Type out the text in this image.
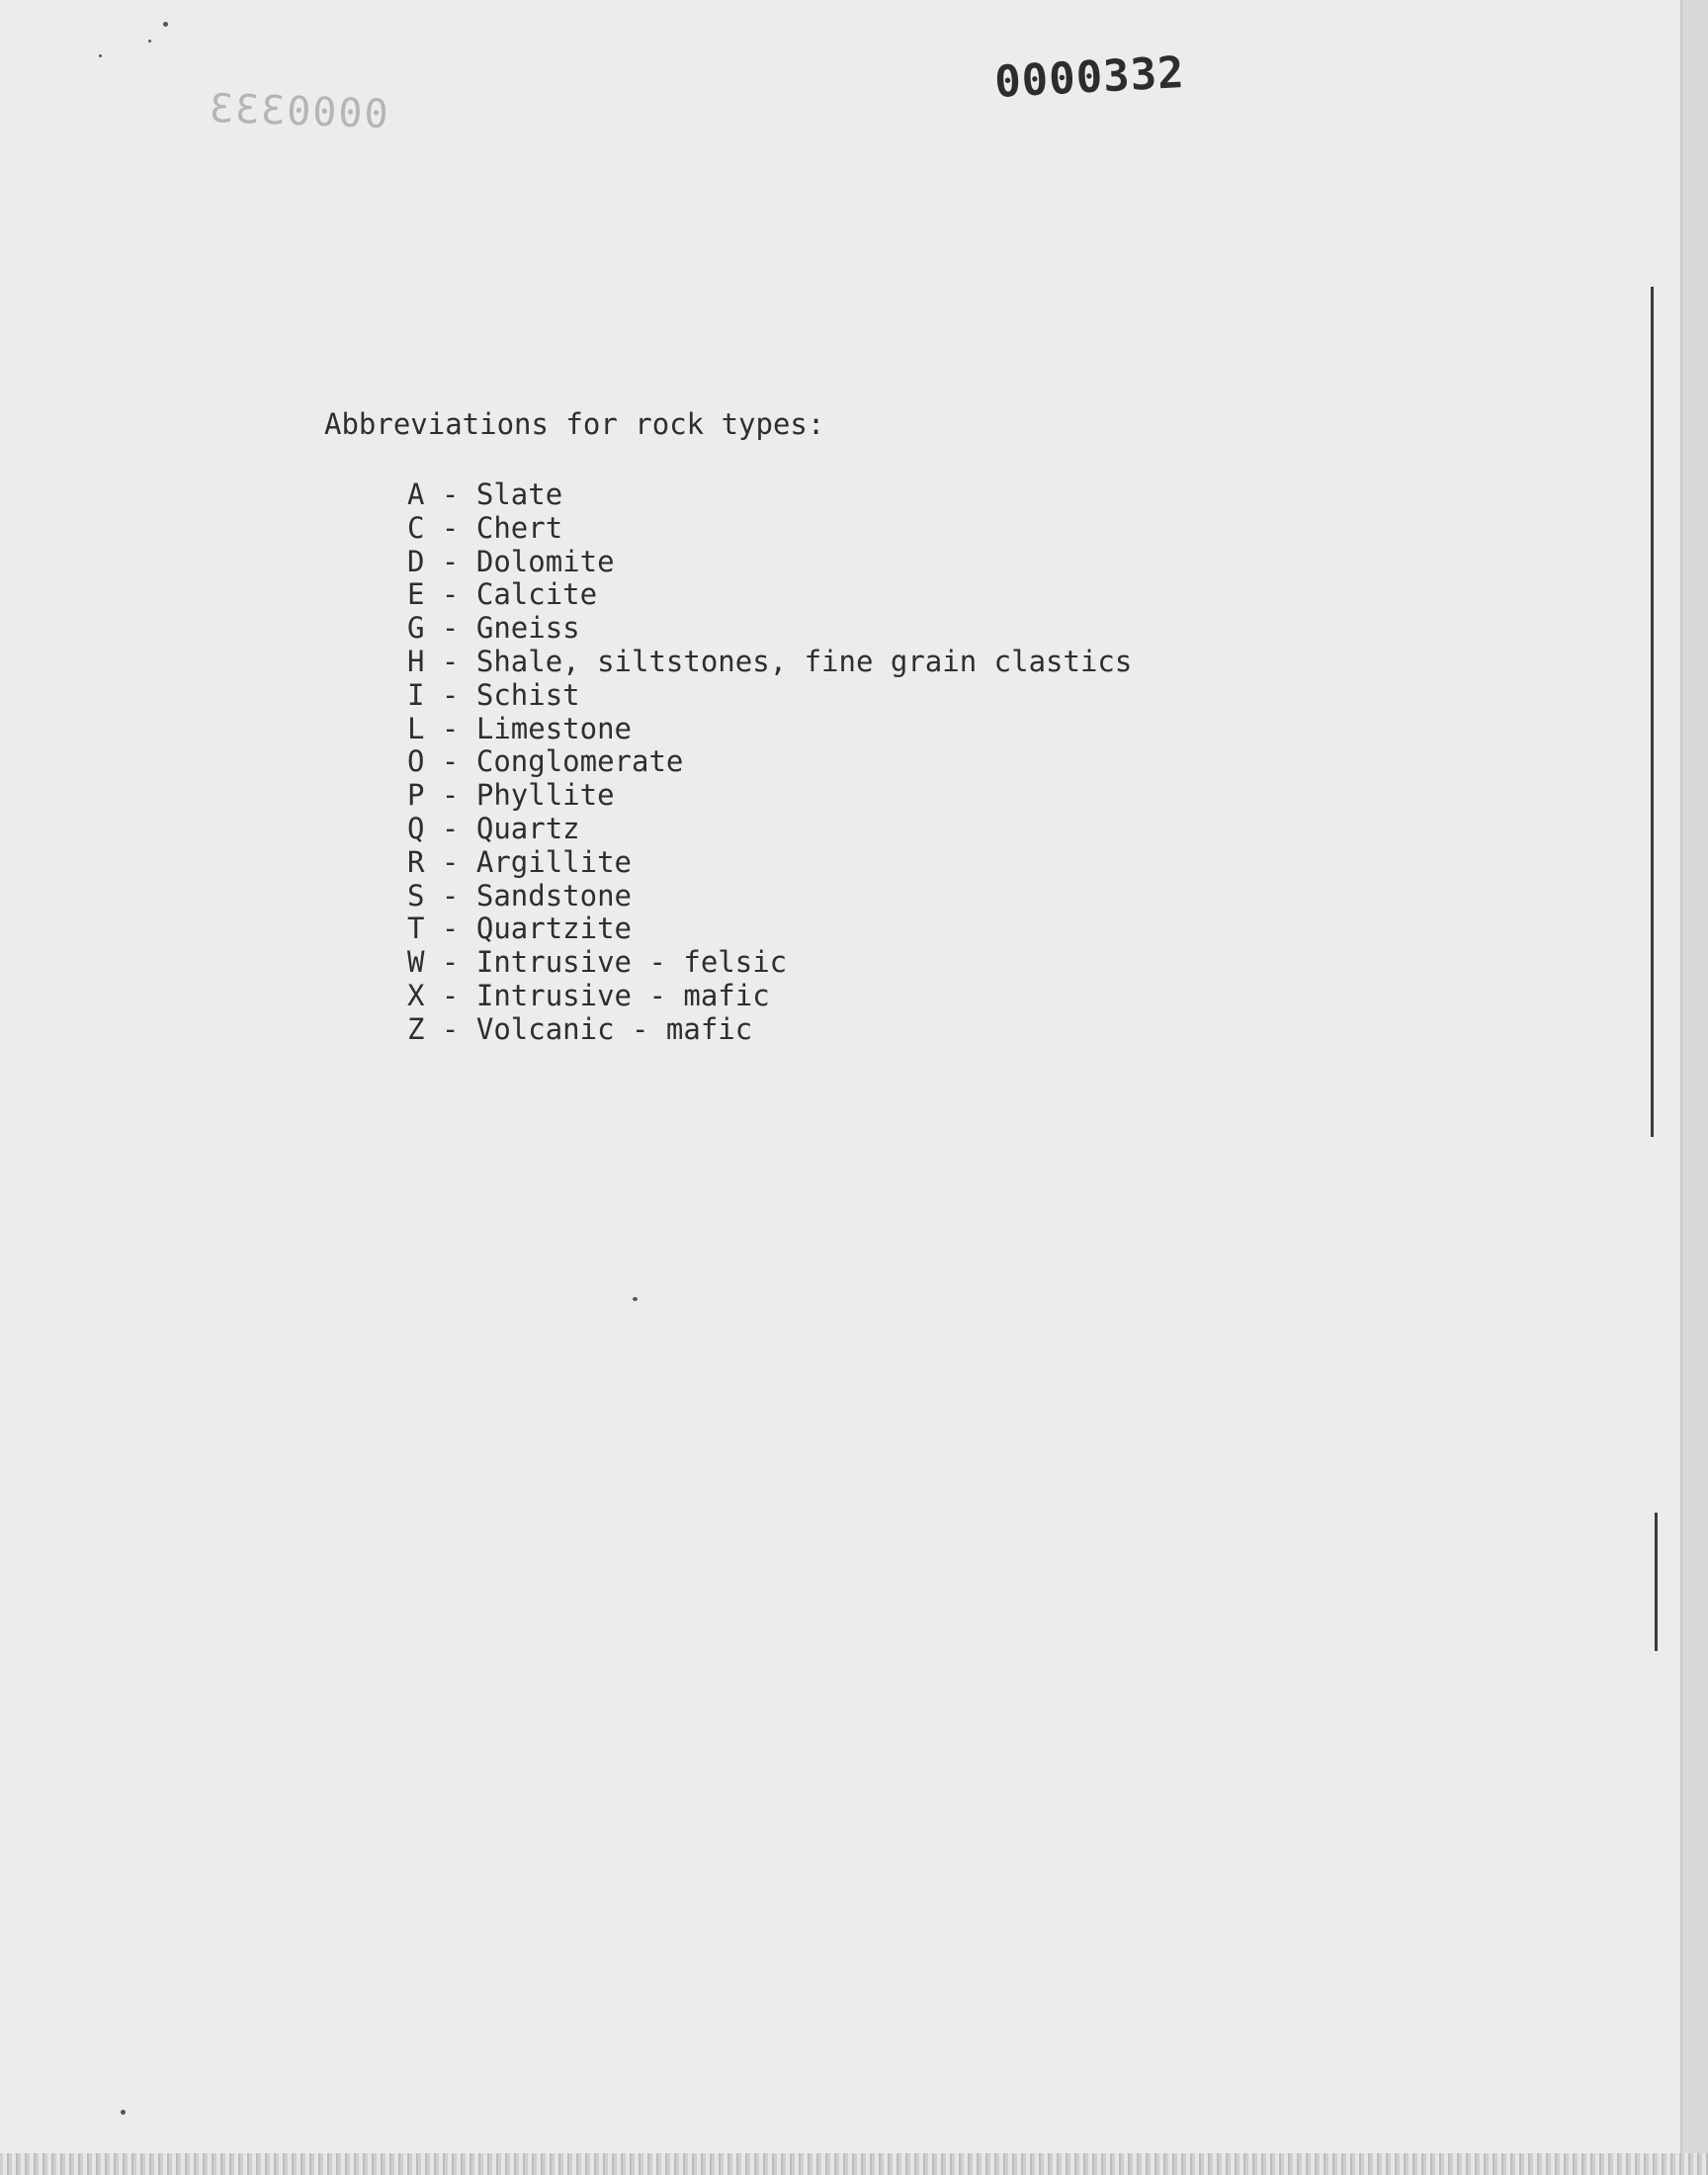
0000333
0000332
Abbreviations for rock types:
A - Slate
C - Chert
D - Dolomite
E - Calcite
G - Gneiss
H - Shale, siltstones, fine grain clastics
I - Schist
L - Limestone
O - Conglomerate
P - Phyllite
Q - Quartz
R - Argillite
S - Sandstone
T - Quartzite
W - Intrusive - felsic
X - Intrusive - mafic
Z - Volcanic - mafic
